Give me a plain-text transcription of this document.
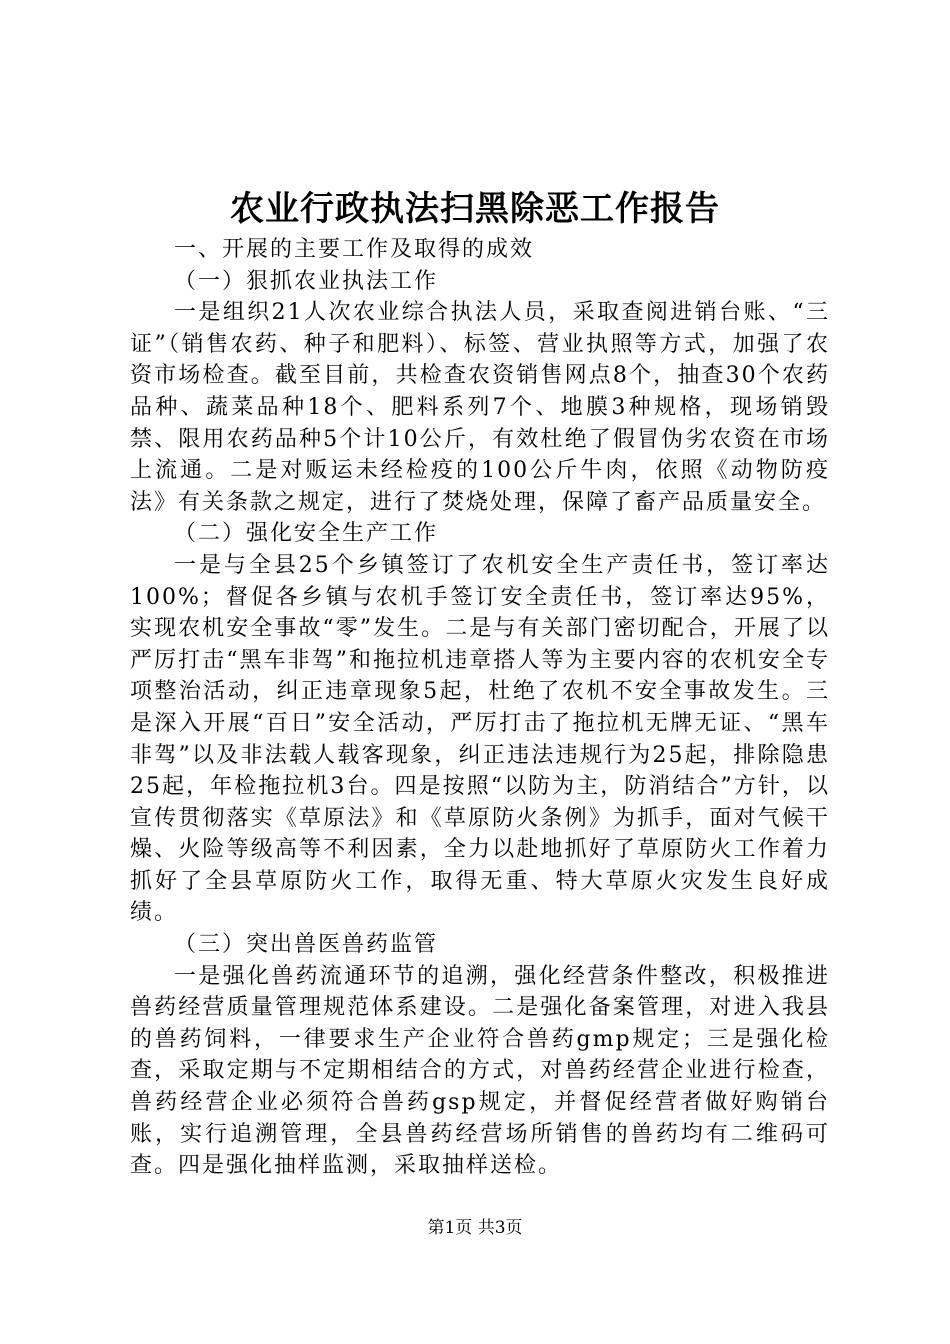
农业行政执法扫黑除恶工作报告

一、开展的主要工作及取得的成效

（一）狠抓农业执法工作

一是组织21人次农业综合执法人员，采取查阅进销台账、“三证”（销售农药、种子和肥料）、标签、营业执照等方式，加强了农资市场检查。截至目前，共检查农资销售网点8个，抽查30个农药品种、蔬菜品种18个、肥料系列7个、地膜3种规格，现场销毁禁、限用农药品种5个计10公斤，有效杜绝了假冒伪劣农资在市场上流通。二是对贩运未经检疫的100公斤牛肉，依照《动物防疫法》有关条款之规定，进行了焚烧处理，保障了畜产品质量安全。

（二）强化安全生产工作

一是与全县25个乡镇签订了农机安全生产责任书，签订率达100%；督促各乡镇与农机手签订安全责任书，签订率达95%，实现农机安全事故“零”发生。二是与有关部门密切配合，开展了以严厉打击“黑车非驾”和拖拉机违章搭人等为主要内容的农机安全专项整治活动，纠正违章现象5起，杜绝了农机不安全事故发生。三是深入开展“百日”安全活动，严厉打击了拖拉机无牌无证、“黑车非驾”以及非法载人载客现象，纠正违法违规行为25起，排除隐患25起，年检拖拉机3台。四是按照“以防为主，防消结合”方针，以宣传贯彻落实《草原法》和《草原防火条例》为抓手，面对气候干燥、火险等级高等不利因素，全力以赴地抓好了草原防火工作着力抓好了全县草原防火工作，取得无重、特大草原火灾发生良好成绩。

（三）突出兽医兽药监管

一是强化兽药流通环节的追溯，强化经营条件整改，积极推进兽药经营质量管理规范体系建设。二是强化备案管理，对进入我县的兽药饲料，一律要求生产企业符合兽药gmp规定；三是强化检查，采取定期与不定期相结合的方式，对兽药经营企业进行检查，兽药经营企业必须符合兽药gsp规定，并督促经营者做好购销台账，实行追溯管理，全县兽药经营场所销售的兽药均有二维码可查。四是强化抽样监测，采取抽样送检。

第1页 共3页
